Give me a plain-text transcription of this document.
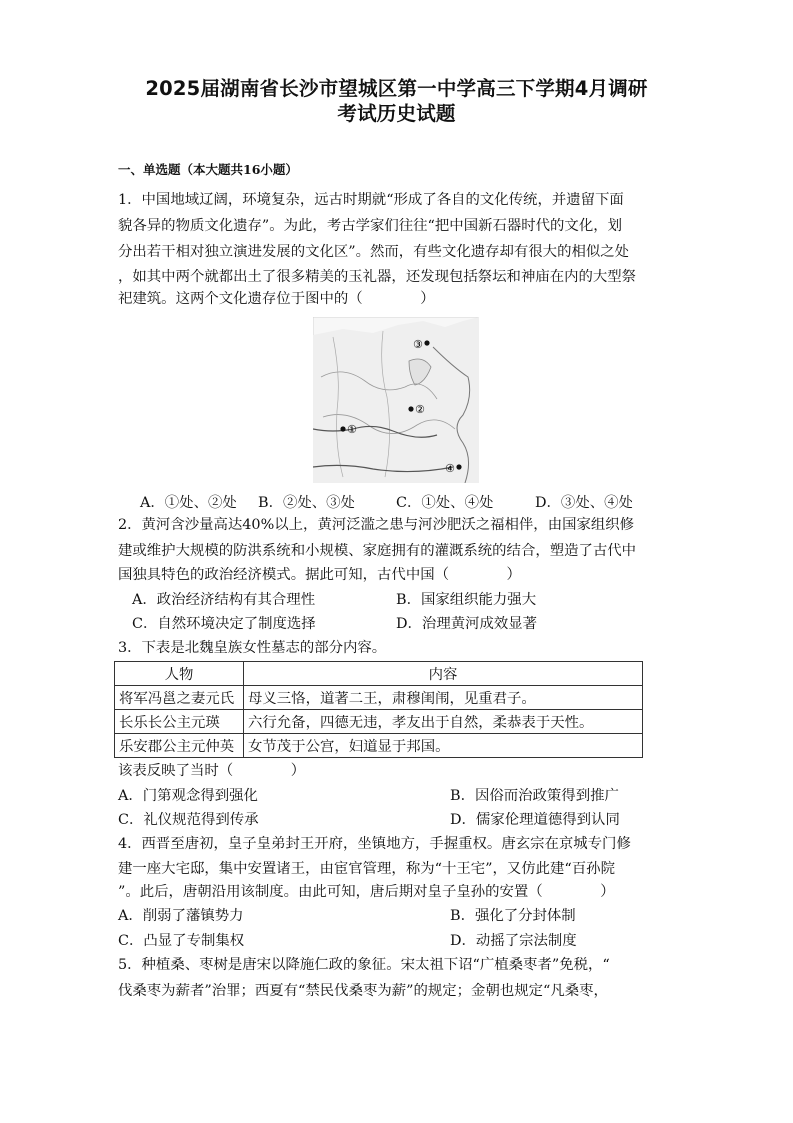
2025届湖南省长沙市望城区第一中学高三下学期4月调研
考试历史试题
一、单选题（本大题共16小题）
1．中国地域辽阔，环境复杂，远古时期就“形成了各自的文化传统，并遗留下面
貌各异的物质文化遗存”。为此，考古学家们往往“把中国新石器时代的文化，划
分出若干相对独立演进发展的文化区”。然而，有些文化遗存却有很大的相似之处
，如其中两个就都出土了很多精美的玉礼器，还发现包括祭坛和神庙在内的大型祭
祀建筑。这两个文化遗存位于图中的（　　　　）
③
②
①
④
A．①处、②处 B．②处、③处	C．①处、④处	D．③处、④处
2．黄河含沙量高达40%以上，黄河泛滥之患与河沙肥沃之福相伴，由国家组织修
建或维护大规模的防洪系统和小规模、家庭拥有的灌溉系统的结合，塑造了古代中
国独具特色的政治经济模式。据此可知，古代中国（　　　　）
A．政治经济结构有其合理性	B．国家组织能力强大
C．自然环境决定了制度选择	D．治理黄河成效显著
3．下表是北魏皇族女性墓志的部分内容。
人物	内容
将军冯邕之妻元氏	母义三恪，道著二王，肃穆闺闱，见重君子。
长乐长公主元瑛	六行允备，四德无违，孝友出于自然，柔恭表于天性。
乐安郡公主元仲英	女节茂于公宫，妇道显于邦国。
该表反映了当时（　　　　）
A．门第观念得到强化	B．因俗而治政策得到推广
C．礼仪规范得到传承	D．儒家伦理道德得到认同
4．西晋至唐初，皇子皇弟封王开府，坐镇地方，手握重权。唐玄宗在京城专门修
建一座大宅邸，集中安置诸王，由宦官管理，称为“十王宅”，又仿此建“百孙院
”。此后，唐朝沿用该制度。由此可知，唐后期对皇子皇孙的安置（　　　　）
A．削弱了藩镇势力	B．强化了分封体制
C．凸显了专制集权	D．动摇了宗法制度
5．种植桑、枣树是唐宋以降施仁政的象征。宋太祖下诏“广植桑枣者”免税，“
伐桑枣为薪者”治罪；西夏有“禁民伐桑枣为薪”的规定；金朝也规定“凡桑枣，
